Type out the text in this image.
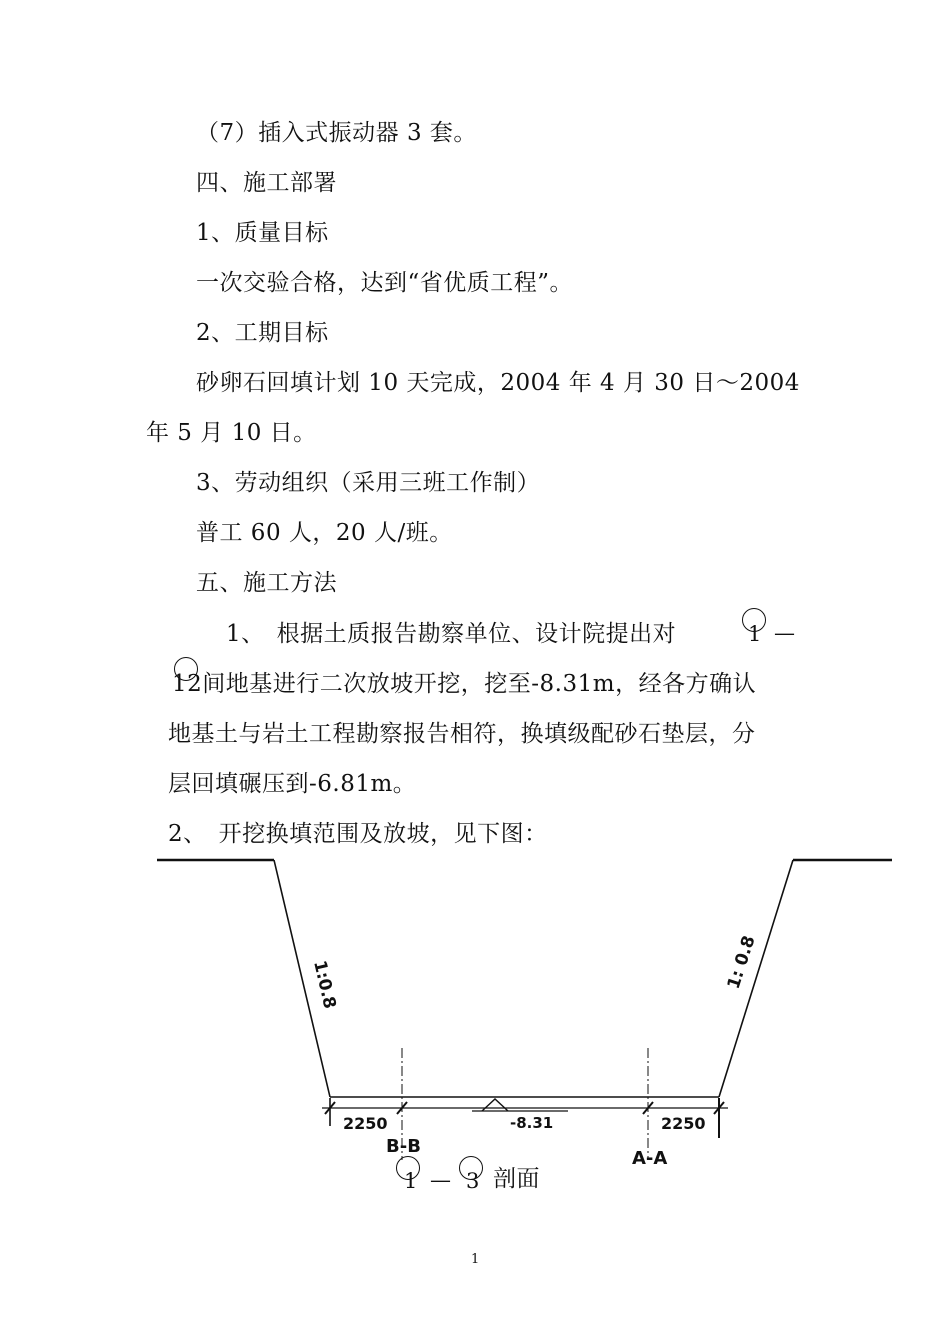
（7）插入式振动器 3 套。
四、施工部署
1、质量目标
一次交验合格，达到“省优质工程”。
2、工期目标
砂卵石回填计划 10 天完成，2004 年 4 月 30 日～2004
年 5 月 10 日。
3、劳动组织（采用三班工作制）
普工 60 人，20 人/班。
五、施工方法
1、　根据土质报告勘察单位、设计院提出对	1 —
12间地基进行二次放坡开挖，挖至-8.31m，经各方确认
地基土与岩土工程勘察报告相符，换填级配砂石垫层，分
层回填碾压到-6.81m。
2、　开挖换填范围及放坡，见下图：
1:0.8	1: 0.8
2250	2250
-8.31
B-B
A-A
1 — 3 剖面
1
